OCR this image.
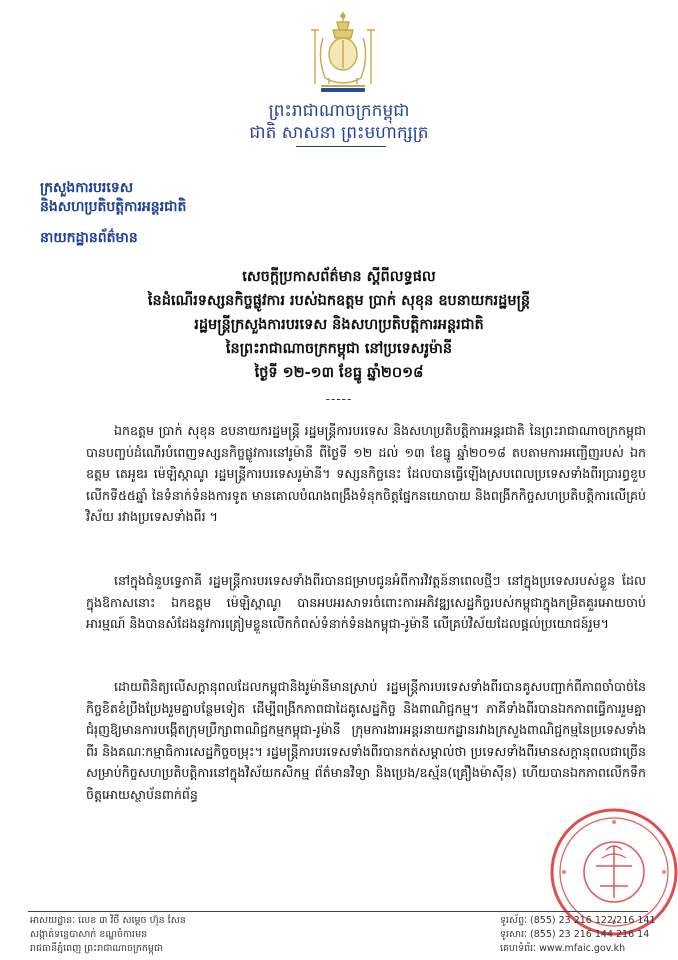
ព្រះរាជាណាចក្រកម្ពុជា
ជាតិ សាសនា ព្រះមហាក្សត្រ
ក្រសួងការបរទេស
និងសហប្រតិបត្តិការអន្តរជាតិ
នាយកដ្ឋានព័ត៌មាន
សេចក្តីប្រកាសព័ត៌មាន ស្តីពីលទ្ធផល
នៃដំណើរទស្សនកិច្ចផ្លូវការ របស់ឯកឧត្តម ប្រាក់ សុខុន ឧបនាយករដ្ឋមន្ត្រី
រដ្ឋមន្ត្រីក្រសួងការបរទេស និងសហប្រតិបត្តិការអន្តរជាតិ
នៃព្រះរាជាណាចក្រកម្ពុជា នៅប្រទេសរូម៉ានី
ថ្ងៃទី ១២-១៣ ខែធ្នូ ឆ្នាំ២០១៨
-----
ឯកឧត្តម ប្រាក់ សុខុន ឧបនាយករដ្ឋមន្ត្រី រដ្ឋមន្ត្រីការបរទេស និងសហប្រតិបត្តិការអន្តរជាតិ នៃព្រះរាជាណាចក្រកម្ពុជា បានបញ្ចប់ដំណើរបំពេញទស្សនកិច្ចផ្លូវការនៅរូម៉ានី ពីថ្ងៃទី ១២ ដល់ ១៣ ខែធ្នូ ឆ្នាំ២០១៨ តបតាមការអញ្ជើញរបស់ ឯកឧត្តម តេអូឌរ ម៉េឡិស្កាណូ រដ្ឋមន្ត្រីការបរទេសរូម៉ានី។ ទស្សនកិច្ចនេះ ដែលបានធ្វើឡើងស្របពេលប្រទេសទាំងពីរប្រារព្ធខួបលើកទី៥៥ឆ្នាំ នៃទំនាក់ទំនងការទូត មានគោលបំណងពង្រឹងទំនុកចិត្តផ្នែកនយោបាយ និងពង្រីកកិច្ចសហប្រតិបត្តិការលើគ្រប់វិស័យ រវាងប្រទេសទាំងពីរ ។
នៅក្នុងជំនួបទ្វេភាគី រដ្ឋមន្ត្រីការបរទេសទាំងពីរបានជម្រាបជូនអំពីការវិវត្តន៍នាពេលថ្មីៗ នៅក្នុងប្រទេសរបស់ខ្លួន ដែលក្នុងឱកាសនោះ ឯកឧត្តម ម៉េឡិស្កាណូ បានអបអរសាទរចំពោះការអភិវឌ្ឍសេដ្ឋកិច្ចរបស់កម្ពុជាក្នុងកម្រិតគួរអោយចាប់អារម្មណ៍ និងបានសំដែងនូវការត្រៀមខ្លួនលើកកំពស់ទំនាក់ទំនងកម្ពុជា-រូម៉ានី លើគ្រប់វិស័យដែលផ្តល់ប្រយោជន៍រួម។
ដោយពិនិត្យលើសក្តានុពលដែលកម្ពុជានិងរូម៉ានីមានស្រាប់ រដ្ឋមន្ត្រីការបរទេសទាំងពីរបានគូសបញ្ជាក់ពីភាពចាំបាច់នៃកិច្ចខិតខំប្រឹងប្រែងរួមគ្នាបន្ថែមទៀត ដើម្បីពង្រីកភាពជាដៃគូសេដ្ឋកិច្ច និងពាណិជ្ជកម្ម។ ភាគីទាំងពីរបានឯកភាពធ្វើការរួមគ្នាជំរុញឱ្យមានការបង្កើតក្រុមប្រឹក្សាពាណិជ្ជកម្មកម្ពុជា-រូម៉ានី ក្រុមការងារអន្តរនាយកដ្ឋានរវាងក្រសួងពាណិជ្ជកម្មនៃប្រទេសទាំងពីរ និងគណៈកម្មាធិការសេដ្ឋកិច្ចចម្រុះ។ រដ្ឋមន្ត្រីការបរទេសទាំងពីរបានកត់សម្គាល់ថា ប្រទេសទាំងពីរមានសក្តានុពលជាច្រើន សម្រាប់កិច្ចសហប្រតិបត្តិការនៅក្នុងវិស័យកសិកម្ម ព័ត៌មានវិទ្យា និងប្រេង/ឧស្ម័ន(គ្រឿងម៉ាស៊ីន) ហើយបានឯកភាពលើកទឹកចិត្តអោយស្ថាប័នពាក់ព័ន្ធ
អាសយដ្ឋានៈ លេខ ៣ វិថី សម្តេច ហ៊ុន សែន
សង្កាត់ទន្លេបាសាក់ ខណ្ឌចំការមន
រាជធានីភ្នំពេញ ព្រះរាជាណាចក្រកម្ពុជា
ទូរស័ព្ទៈ (855) 23 216 122/216 141
ទូរសារៈ (855) 23 216 144 216 14
គេហទំព័រៈ www.mfaic.gov.kh
